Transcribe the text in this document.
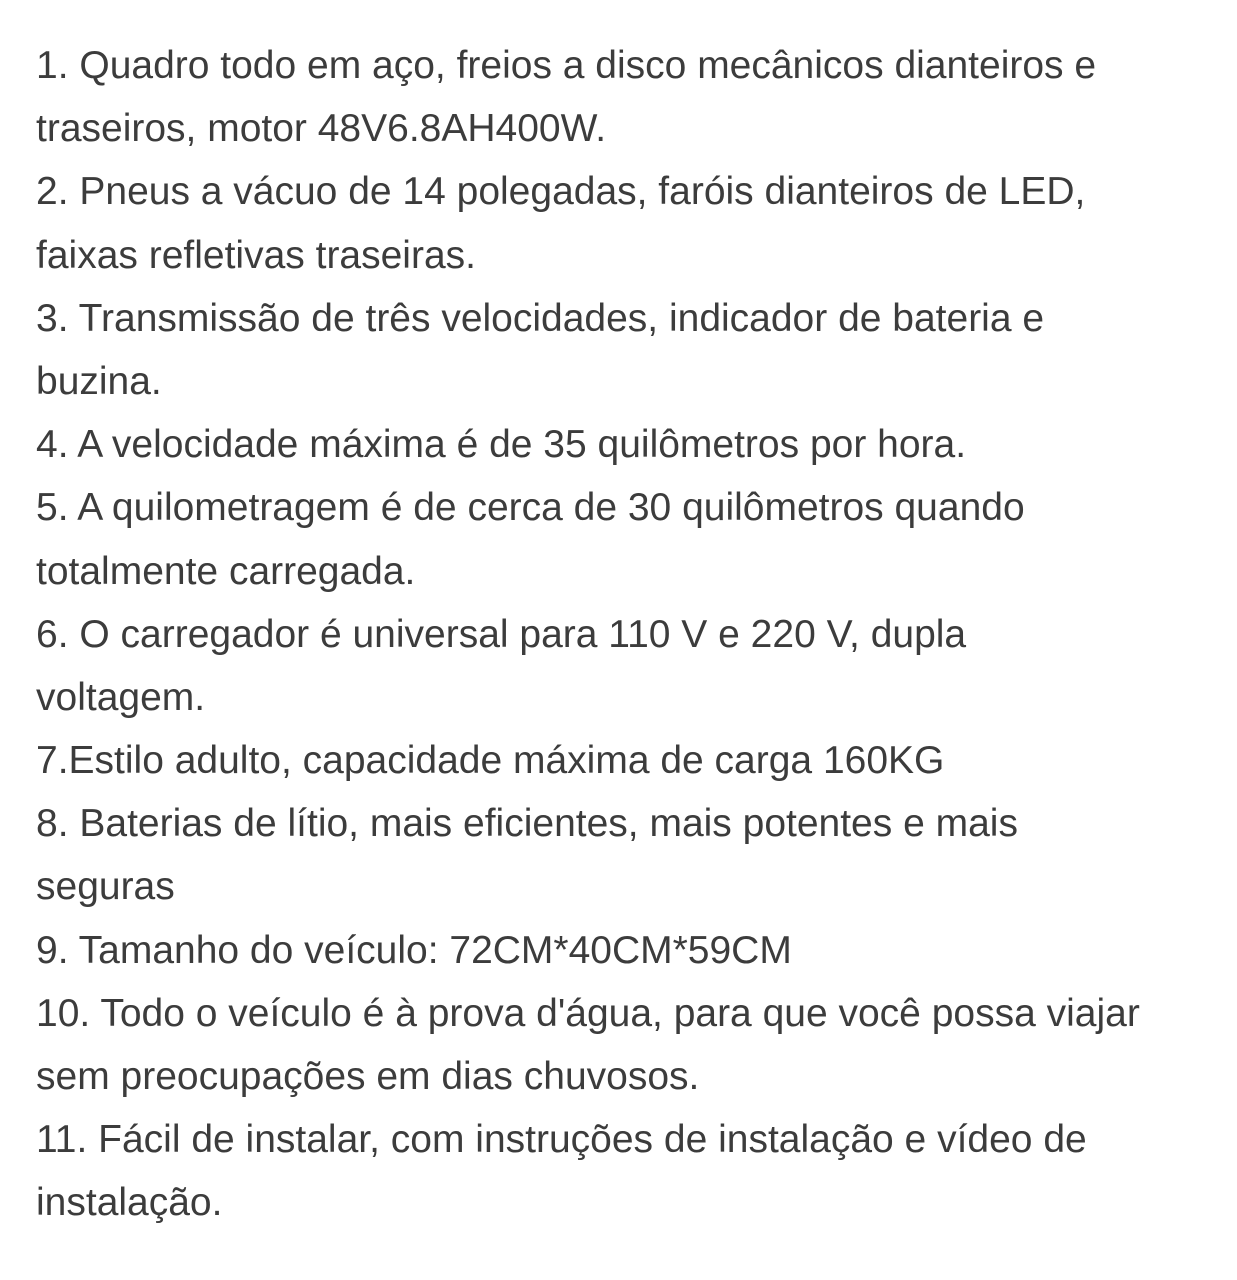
1. Quadro todo em aço, freios a disco mecânicos dianteiros e
traseiros, motor 48V6.8AH400W.
2. Pneus a vácuo de 14 polegadas, faróis dianteiros de LED,
faixas refletivas traseiras.
3. Transmissão de três velocidades, indicador de bateria e
buzina.
4. A velocidade máxima é de 35 quilômetros por hora.
5. A quilometragem é de cerca de 30 quilômetros quando
totalmente carregada.
6. O carregador é universal para 110 V e 220 V, dupla
voltagem.
7.Estilo adulto, capacidade máxima de carga 160KG
8. Baterias de lítio, mais eficientes, mais potentes e mais
seguras
9. Tamanho do veículo: 72CM*40CM*59CM
10. Todo o veículo é à prova d'água, para que você possa viajar
sem preocupações em dias chuvosos.
11. Fácil de instalar, com instruções de instalação e vídeo de
instalação.
